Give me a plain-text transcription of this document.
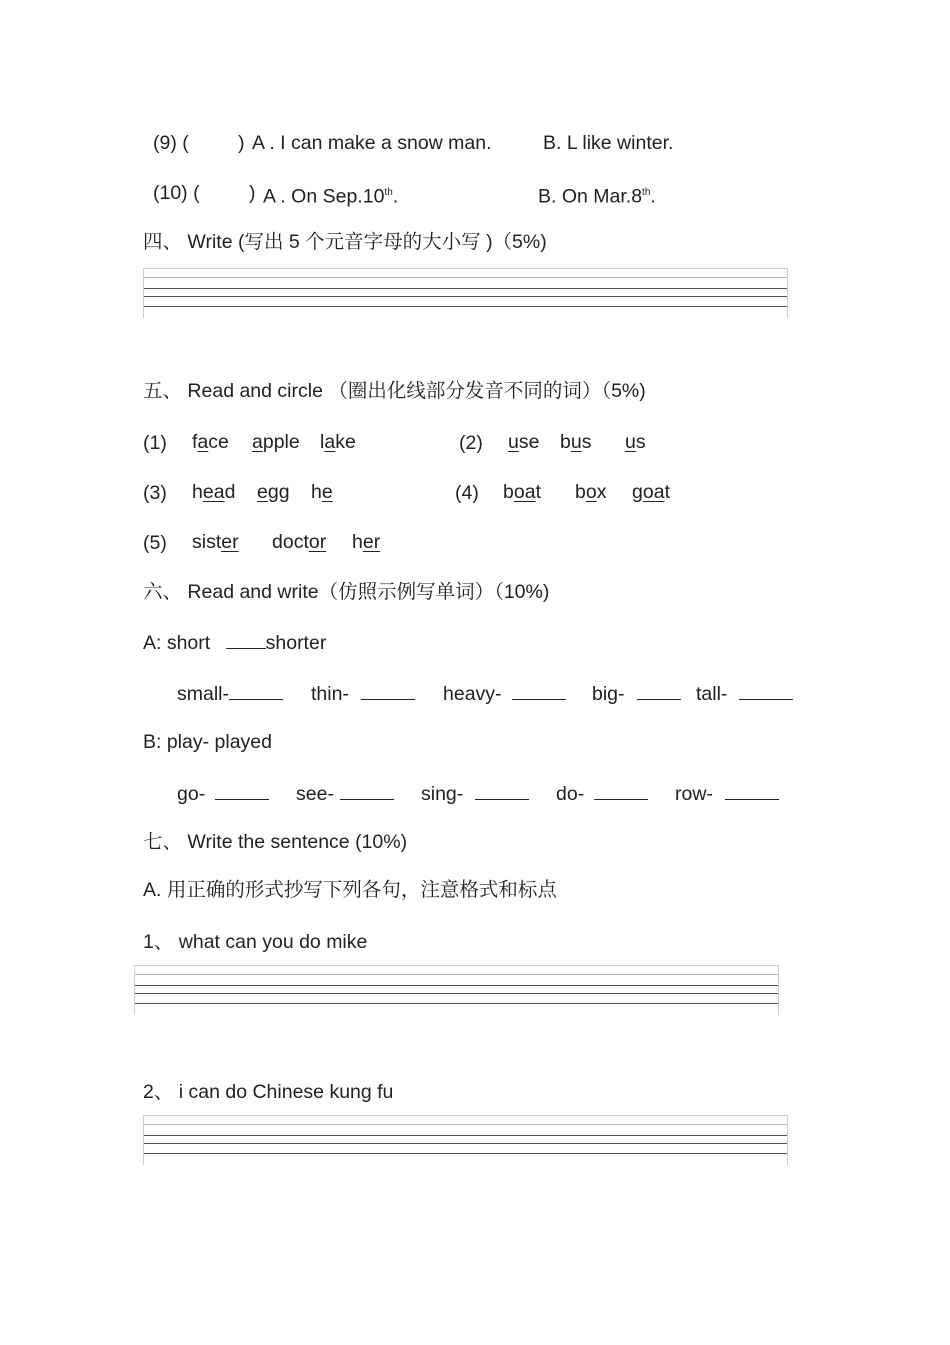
(9) (	) A . I can make a snow man.	B. L like winter.
(10) (	) A . On Sep.10th.	B. On Mar.8th.
四、 Write (写出 5 个元音字母的大小写 )（5%)
五、 Read and circle （圈出化线部分发音不同的词）（5%)
(1) face apple lake	(2) use bus us
(3) head egg he	(4) boat box goat
(5) sister doctor her
六、 Read and write（仿照示例写单词）（10%)
A: short	shorter
small-	thin-	heavy-	big-	tall-
B: play- played
go-	see-	sing-	do-	row-
七、 Write the sentence (10%)
A. 用正确的形式抄写下列各句，注意格式和标点
1、 what can you do mike
2、 i can do Chinese kung fu
